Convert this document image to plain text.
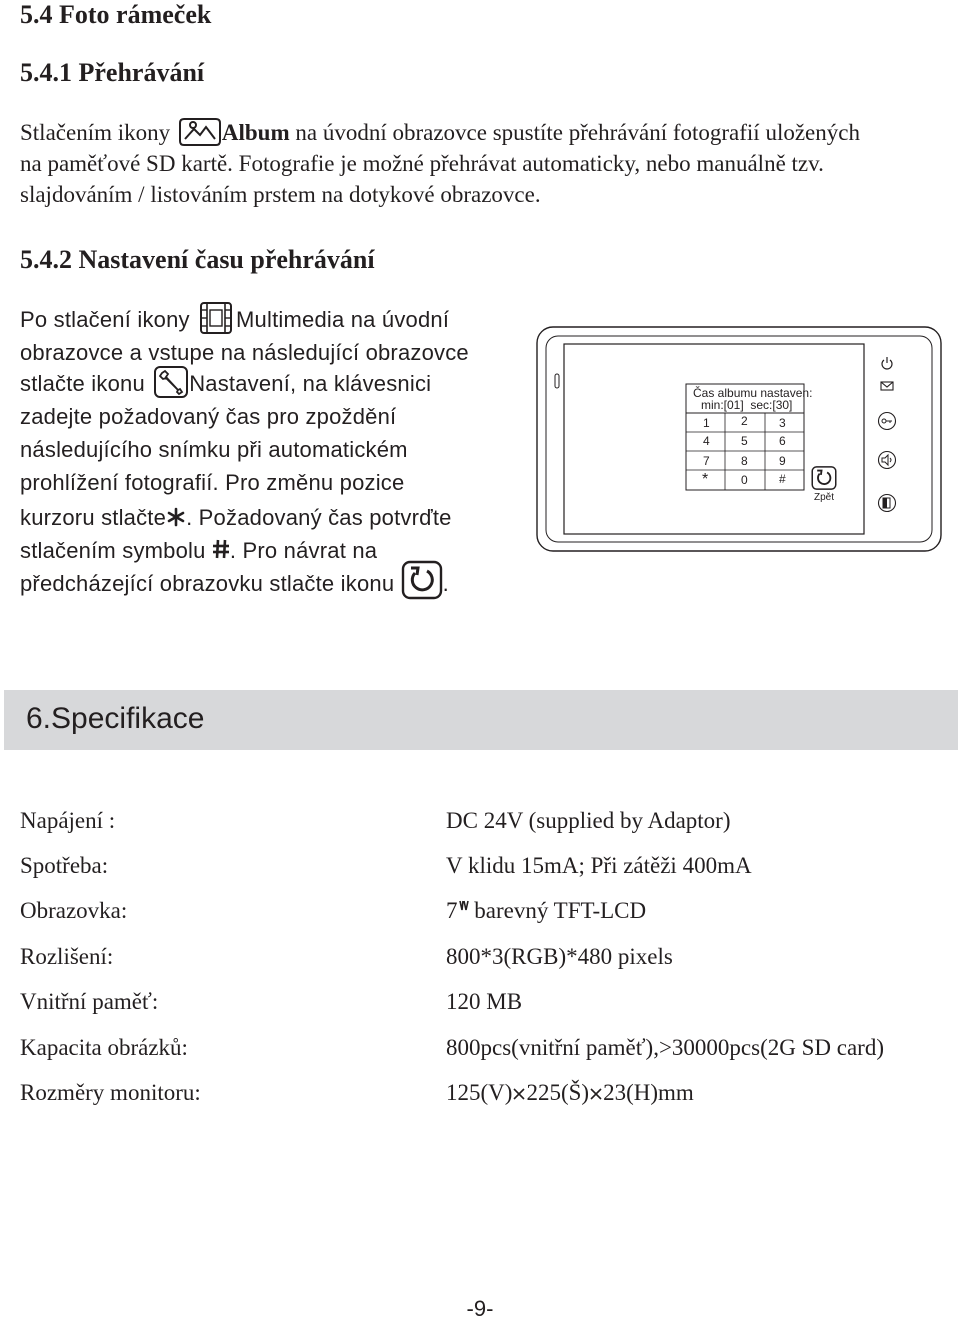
5.4 Foto rámeček
5.4.1 Přehrávání
Stlačením ikony Album na úvodní obrazovce spustíte přehrávání fotografií uložených
na paměťové SD kartě. Fotografie je možné přehrávat automaticky, nebo manuálně tzv.
slajdováním / listováním prstem na dotykové obrazovce.
5.4.2 Nastavení času přehrávání
Po stlačení ikony Multimedia na úvodní
obrazovce a vstupe na následující obrazovce
stlačte ikonu Nastavení, na klávesnici
zadejte požadovaný čas pro zpoždění
následujícího snímku při automatickém
prohlížení fotografií. Pro změnu pozice
kurzoru stlačte . Požadovaný čas potvrďte
stlačením symbolu . Pro návrat na
předcházející obrazovku stlačte ikonu .
Čas albumu nastaven:
min:[01]  sec:[30]
1	2	3
4	5	6
7	8	9
*	0	#
Zpět
6.Specifikace
Napájení :	DC 24V (supplied by Adaptor)
Spotřeba:	V klidu 15mA; Při zátěži 400mA
Obrazovka:	7
barevný TFT-LCD
Rozlišení:	800*3(RGB)*480 pixels
Vnitřní paměť:	120 MB
Kapacita obrázků:	800pcs(vnitřní paměť),>30000pcs(2G SD card)
Rozměry monitoru:	125(V) 225(Š) 23(H)mm
-9-
